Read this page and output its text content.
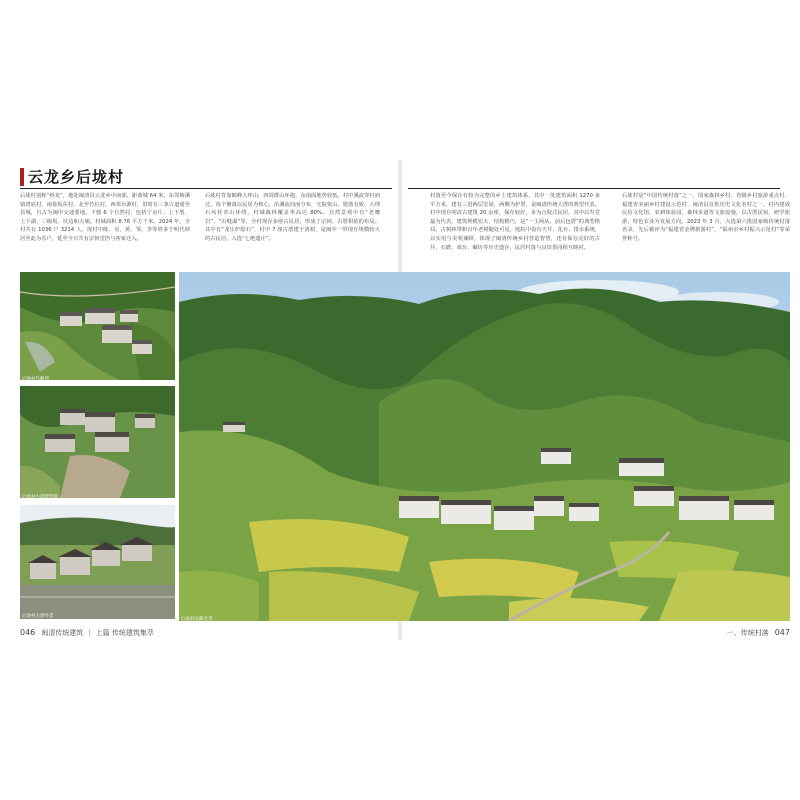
云龙乡后垅村
后垅村别称“桥龙”，地处闽清县云龙乡中南部，距离城 64 米。东邻梅溪镇湾底村，南靠坂东村，北至竹坑村，西邻台源村，旧时有三条古道通至县城，自古为闽中交通要地。下辖 6 个自然村，包括宁房片、上下厝、上下湖、三级坂、坑边和大埔。村域面积 8.76 平方千米。2024 年，全村共有 1036 户 3214 人，现村中陈、吴、黄、邹、李等姓多于明代移居至此为乐户，延至今日共有宗祠堂仍与客家迁入。
后垅村背靠鹤峰大坪山，四周群山环抱，东南面地势较低，村中溪流穿村而过，每个聚落以民居为核心，沿溪流向而分布，宅院依山，错落有致，大理石风柱青山环绕，村域森林覆盖率高达 80%。自然景观中有“老鹰岩”、“石缝瀑”等，全村现存多座古民居，形成了宗祠、古厝相依的布局。其中有“龙庄炉隐石”，村中 7 座古厝建于清初，是闽中一带现存规模较大的古民居，入选“七绝遗庄”。
村落至今保存有较为完整的乡土建筑体系，其中一处建筑面积 1270 多平方米，建有三进两层堂屋，两侧为护厝，是闽清传统大厝的典型代表。村中现存明清古建筑 20 余座，保存较好，多为合院式民居，其中以寿堂最为代表，建筑规模宏大，结构精巧，是“一主两从、前后包厝”的典型格局。古树林带和百年老树随处可见，庭院中设有天井、花台、排水系统，以实用与美观兼顾，体现了闽清传统乡村营造智慧，还有保存完好的古井、石磨、戏台、碾坊等历史遗存，民居村落与良田茶园相互映衬。
后垅村是“中国传统村落”之一，国家森林乡村、省级乡村旅游重点村、福建省美丽乡村建设示范村、闽清县首批历史文化名村之一。村内建成民俗文化馆、农耕体验园、森林步道等文旅设施，以古厝民宿、研学旅游、特色农业为发展方向。2023 年 3 月，入选第六批国家级传统村落名录，先后被评为“福建省金牌旅游村”、“福州市乡村振兴示范村”等荣誉称号。
后垅村鸟瞰图
后垅村古厝建筑群
后垅村古厝外景
后垅村远眺全景
046 闽清传统建筑 | 上篇 传统建筑集萃	一、传统村落 047
